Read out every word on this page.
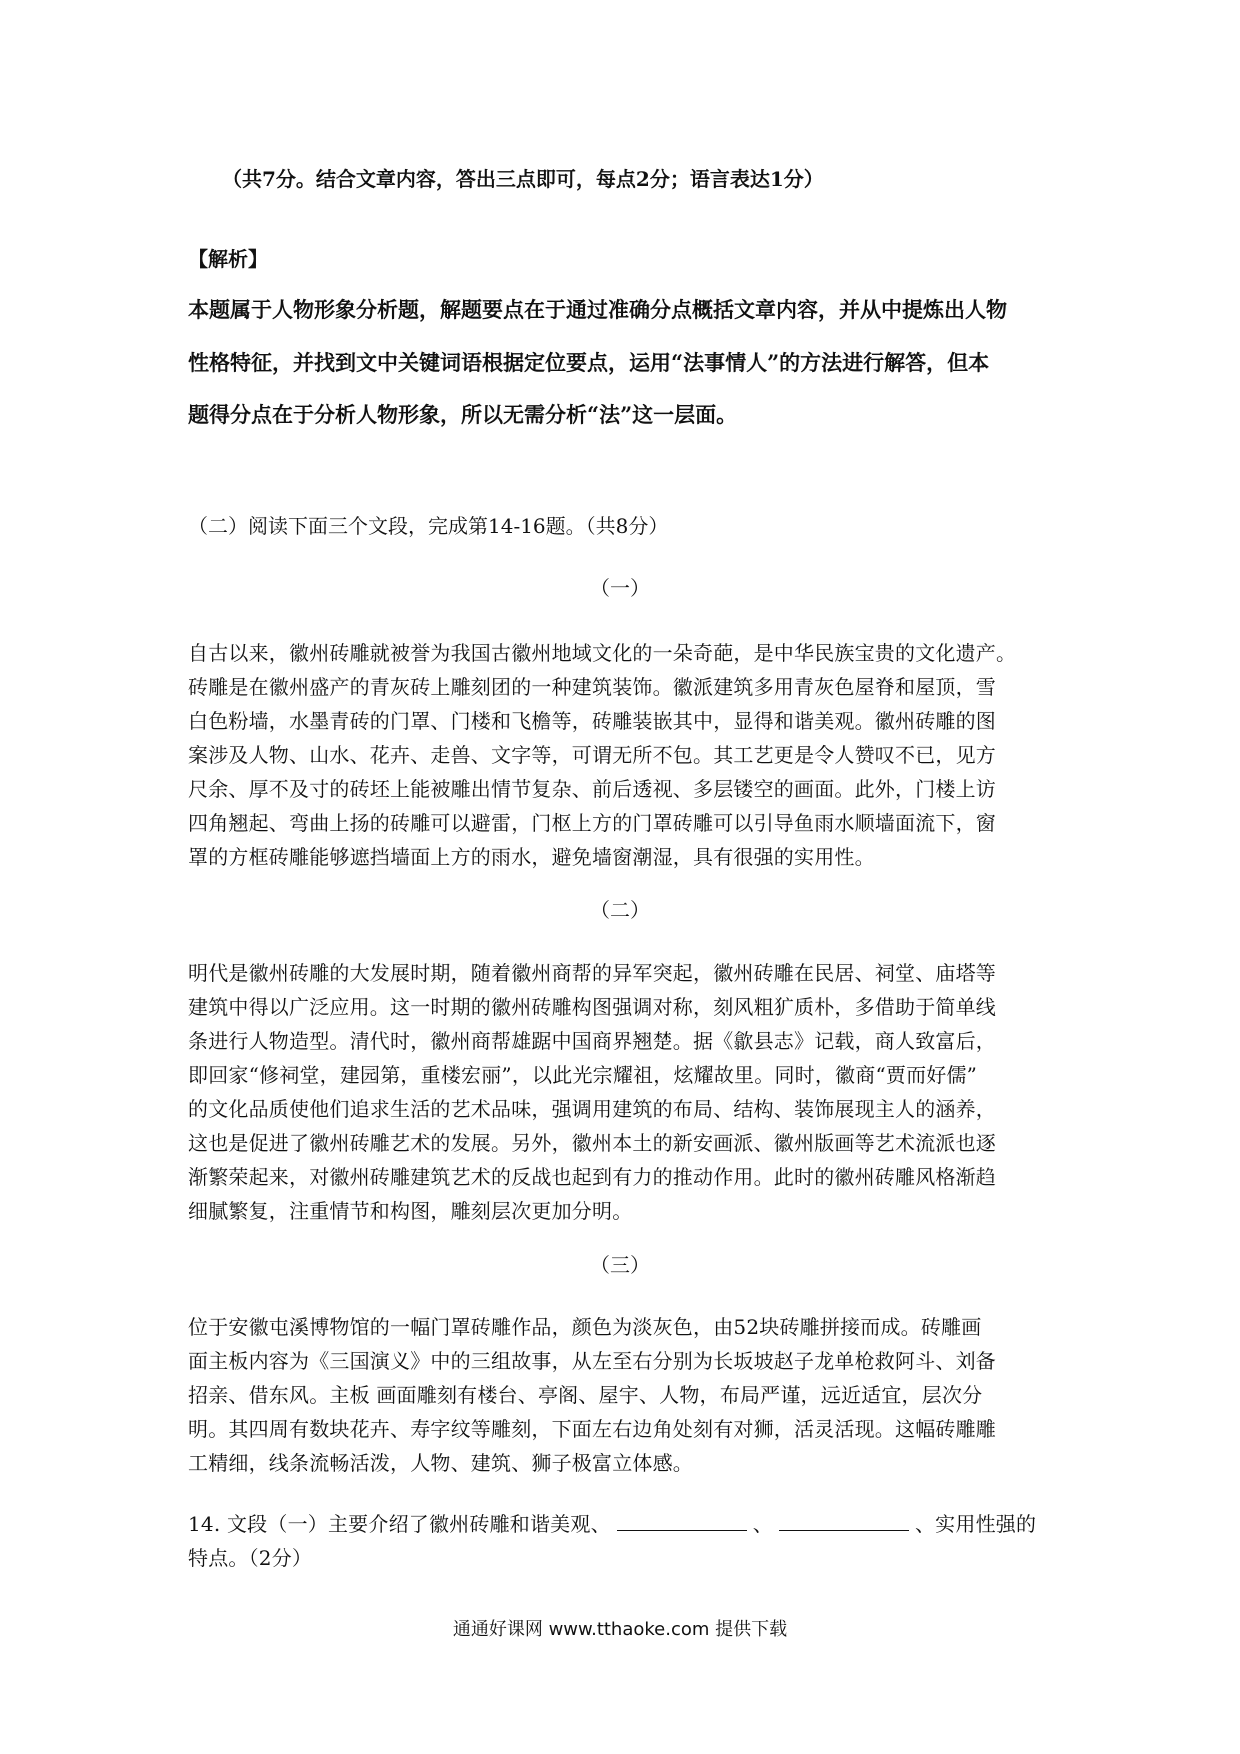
（共7分。结合文章内容，答出三点即可，每点2分；语言表达1分）
【解析】
本题属于人物形象分析题，解题要点在于通过准确分点概括文章内容，并从中提炼出人物
性格特征，并找到文中关键词语根据定位要点，运用“法事情人”的方法进行解答，但本
题得分点在于分析人物形象，所以无需分析“法”这一层面。
（二）阅读下面三个文段，完成第14-16题。（共8分）
（一）
自古以来，徽州砖雕就被誉为我国古徽州地域文化的一朵奇葩，是中华民族宝贵的文化遗产。
砖雕是在徽州盛产的青灰砖上雕刻团的一种建筑装饰。徽派建筑多用青灰色屋脊和屋顶，雪
白色粉墙，水墨青砖的门罩、门楼和飞檐等，砖雕装嵌其中，显得和谐美观。徽州砖雕的图
案涉及人物、山水、花卉、走兽、文字等，可谓无所不包。其工艺更是令人赞叹不已，见方
尺余、厚不及寸的砖坯上能被雕出情节复杂、前后透视、多层镂空的画面。此外，门楼上访
四角翘起、弯曲上扬的砖雕可以避雷，门枢上方的门罩砖雕可以引导鱼雨水顺墙面流下，窗
罩的方框砖雕能够遮挡墙面上方的雨水，避免墙窗潮湿，具有很强的实用性。
（二）
明代是徽州砖雕的大发展时期，随着徽州商帮的异军突起，徽州砖雕在民居、祠堂、庙塔等
建筑中得以广泛应用。这一时期的徽州砖雕构图强调对称，刻风粗犷质朴，多借助于简单线
条进行人物造型。清代时，徽州商帮雄踞中国商界翘楚。据《歙县志》记载，商人致富后，
即回家“修祠堂，建园第，重楼宏丽”，以此光宗耀祖，炫耀故里。同时，徽商“贾而好儒”
的文化品质使他们追求生活的艺术品味，强调用建筑的布局、结构、装饰展现主人的涵养，
这也是促进了徽州砖雕艺术的发展。另外，徽州本土的新安画派、徽州版画等艺术流派也逐
渐繁荣起来，对徽州砖雕建筑艺术的反战也起到有力的推动作用。此时的徽州砖雕风格渐趋
细腻繁复，注重情节和构图，雕刻层次更加分明。
（三）
位于安徽屯溪博物馆的一幅门罩砖雕作品，颜色为淡灰色，由52块砖雕拼接而成。砖雕画
面主板内容为《三国演义》中的三组故事，从左至右分别为长坂坡赵子龙单枪救阿斗、刘备
招亲、借东风。主板 画面雕刻有楼台、亭阁、屋宇、人物，布局严谨，远近适宜，层次分
明。其四周有数块花卉、寿字纹等雕刻，下面左右边角处刻有对狮，活灵活现。这幅砖雕雕
工精细，线条流畅活泼，人物、建筑、狮子极富立体感。
14. 文段（一）主要介绍了徽州砖雕和谐美观、	、	、实用性强的
特点。（2分）
通通好课网 www.tthaoke.com 提供下载
